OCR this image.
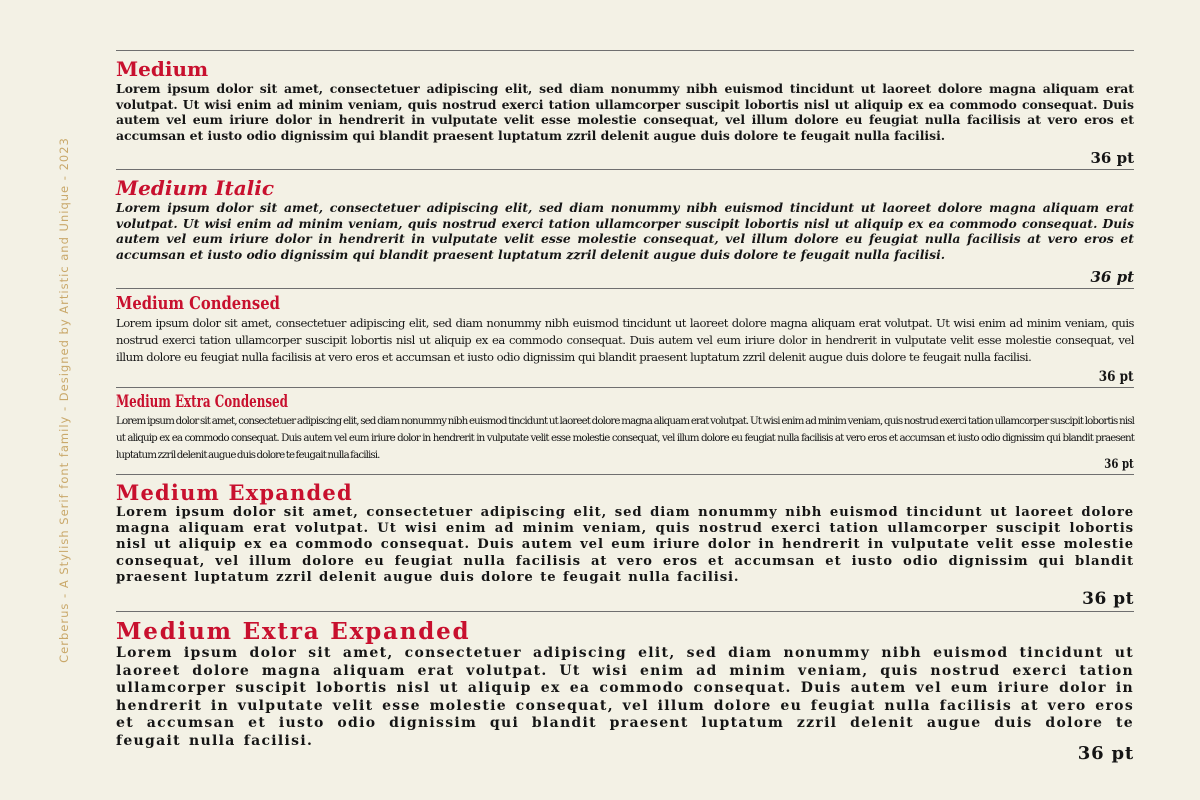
Cerberus - A Stylish Serif font family - Designed by Artistic and Unique - 2023
Medium

Lorem ipsum dolor sit amet, consectetuer adipiscing elit, sed diam nonummy nibh euismod tincidunt ut laoreet dolore magna aliquam erat volutpat. Ut wisi enim ad minim veniam, quis nostrud exerci tation ullamcorper suscipit lobortis nisl ut aliquip ex ea commodo consequat. Duis autem vel eum iriure dolor in hendrerit in vulputate velit esse molestie consequat, vel illum dolore eu feugiat nulla facilisis at vero eros et accumsan et iusto odio dignissim qui blandit praesent luptatum zzril delenit augue duis dolore te feugait nulla facilisi.

36 pt
Medium Italic

Lorem ipsum dolor sit amet, consectetuer adipiscing elit, sed diam nonummy nibh euismod tincidunt ut laoreet dolore magna aliquam erat volutpat. Ut wisi enim ad minim veniam, quis nostrud exerci tation ullamcorper suscipit lobortis nisl ut aliquip ex ea commodo consequat. Duis autem vel eum iriure dolor in hendrerit in vulputate velit esse molestie consequat, vel illum dolore eu feugiat nulla facilisis at vero eros et accumsan et iusto odio dignissim qui blandit praesent luptatum zzril delenit augue duis dolore te feugait nulla facilisi.

36 pt
Medium Condensed

Lorem ipsum dolor sit amet, consectetuer adipiscing elit, sed diam nonummy nibh euismod tincidunt ut laoreet dolore magna aliquam erat volutpat. Ut wisi enim ad minim veniam, quis nostrud exerci tation ullamcorper suscipit lobortis nisl ut aliquip ex ea commodo consequat. Duis autem vel eum iriure dolor in hendrerit in vulputate velit esse molestie consequat, vel illum dolore eu feugiat nulla facilisis at vero eros et accumsan et iusto odio dignissim qui blandit praesent luptatum zzril delenit augue duis dolore te feugait nulla facilisi.

36 pt
Medium Extra Condensed

Lorem ipsum dolor sit amet, consectetuer adipiscing elit, sed diam nonummy nibh euismod tincidunt ut laoreet dolore magna aliquam erat volutpat. Ut wisi enim ad minim veniam, quis nostrud exerci tation ullamcorper suscipit lobortis nisl ut aliquip ex ea commodo consequat. Duis autem vel eum iriure dolor in hendrerit in vulputate velit esse molestie consequat, vel illum dolore eu feugiat nulla facilisis at vero eros et accumsan et iusto odio dignissim qui blandit praesent luptatum zzril delenit augue duis dolore te feugait nulla facilisi.

36 pt
Medium Expanded

Lorem ipsum dolor sit amet, consectetuer adipiscing elit, sed diam nonummy nibh euismod tincidunt ut laoreet dolore magna aliquam erat volutpat. Ut wisi enim ad minim veniam, quis nostrud exerci tation ullamcorper suscipit lobortis nisl ut aliquip ex ea commodo consequat. Duis autem vel eum iriure dolor in hendrerit in vulputate velit esse molestie consequat, vel illum dolore eu feugiat nulla facilisis at vero eros et accumsan et iusto odio dignissim qui blandit praesent luptatum zzril delenit augue duis dolore te feugait nulla facilisi.

36 pt
Medium Extra Expanded

Lorem ipsum dolor sit amet, consectetuer adipiscing elit, sed diam nonummy nibh euismod tincidunt ut laoreet dolore magna aliquam erat volutpat. Ut wisi enim ad minim veniam, quis nostrud exerci tation ullamcorper suscipit lobortis nisl ut aliquip ex ea commodo consequat. Duis autem vel eum iriure dolor in hendrerit in vulputate velit esse molestie consequat, vel illum dolore eu feugiat nulla facilisis at vero eros et accumsan et iusto odio dignissim qui blandit praesent luptatum zzril delenit augue duis dolore te feugait nulla facilisi.

36 pt
